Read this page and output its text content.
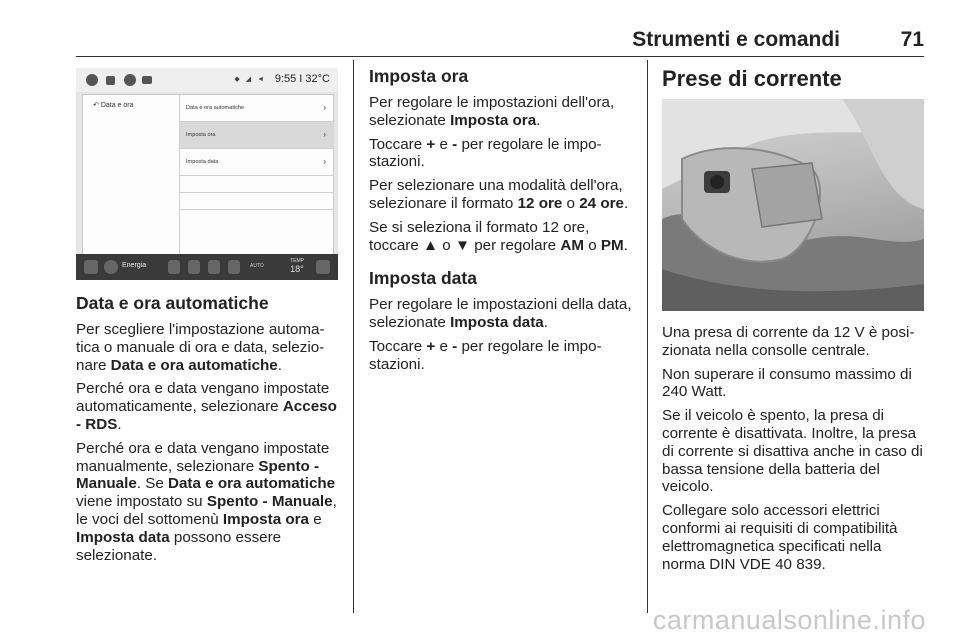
Strumenti e comandi	71
◆ ◢ ◄ 9:55 I 32°C
↶ Data e ora	Data e ora automatiche	›
Imposta ora	›
Imposta data	›
Energia	AUTO
TEMP
18°
Data e ora automatiche

Per scegliere l'impostazione automa-tica o manuale di ora e data, selezio-nare Data e ora automatiche.

Perché ora e data vengano impostate automaticamente, selezionare Acceso - RDS.

Perché ora e data vengano impostate manualmente, selezionare Spento - Manuale. Se Data e ora automatiche viene impostato su Spento - Manuale, le voci del sottomenù Imposta ora e Imposta data possono essere selezionate.

Imposta ora

Per regolare le impostazioni dell'ora, selezionate Imposta ora.

Toccare + e - per regolare le impo-stazioni.

Per selezionare una modalità dell'ora, selezionare il formato 12 ore o 24 ore.

Se si seleziona il formato 12 ore, toccare ▲ o ▼ per regolare AM o PM.

Imposta data

Per regolare le impostazioni della data, selezionate Imposta data.

Toccare + e - per regolare le impo-stazioni.

Prese di corrente

Una presa di corrente da 12 V è posi-zionata nella consolle centrale.

Non superare il consumo massimo di 240 Watt.

Se il veicolo è spento, la presa di corrente è disattivata. Inoltre, la presa di corrente si disattiva anche in caso di bassa tensione della batteria del veicolo.

Collegare solo accessori elettrici conformi ai requisiti di compatibilità elettromagnetica specificati nella norma DIN VDE 40 839.

carmanualsonline.info
